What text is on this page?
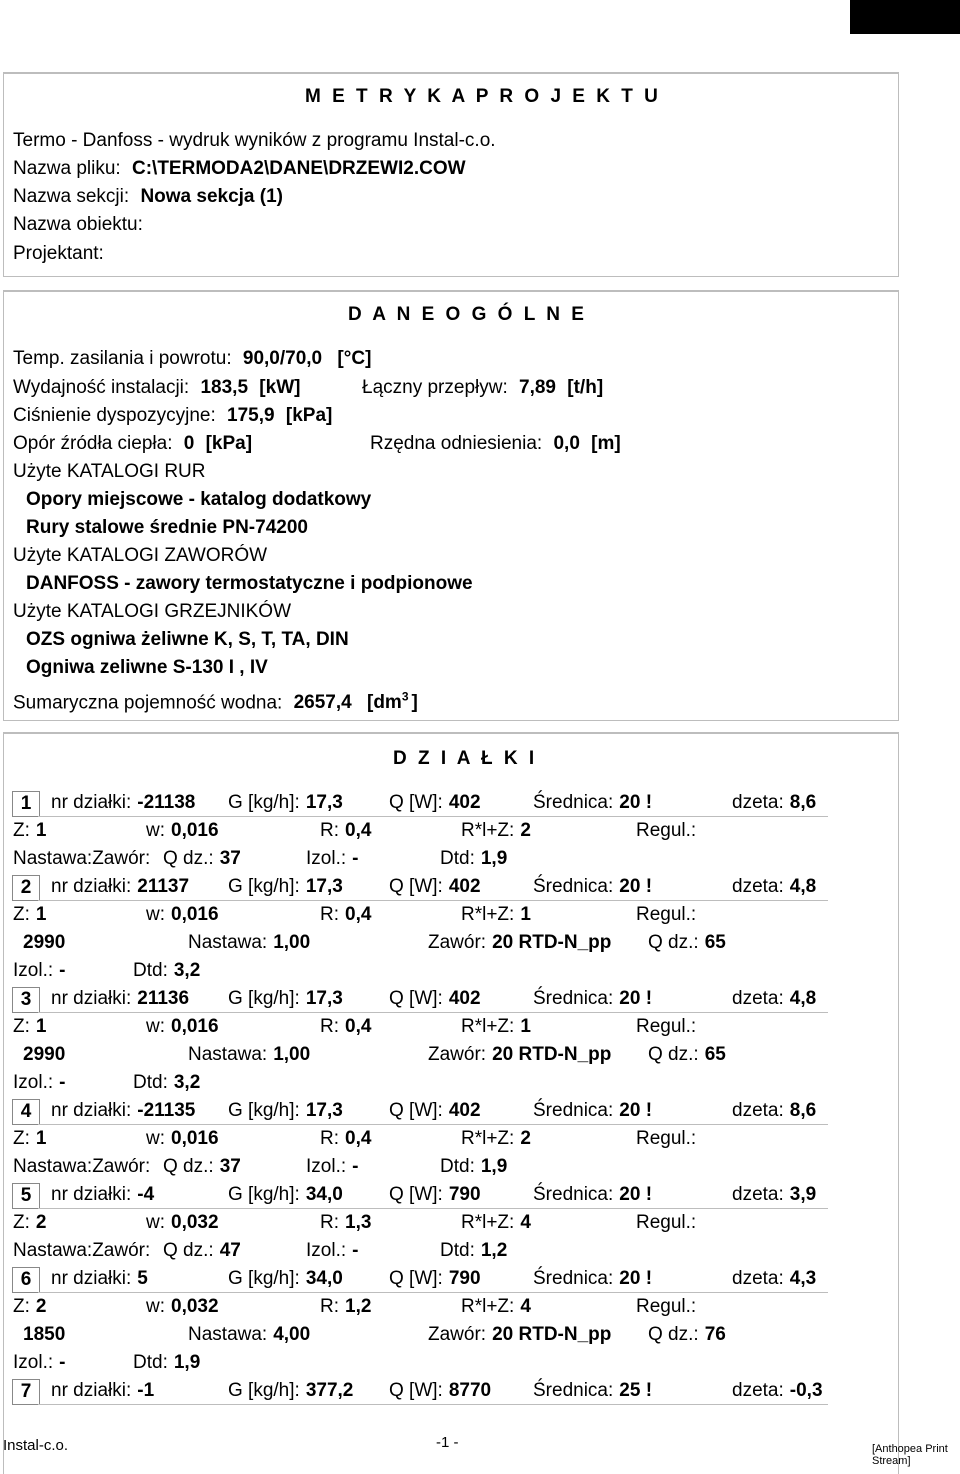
M E T R Y K A P R O J E K T U
Termo - Danfoss - wydruk wyników z programu Instal-c.o.
Nazwa pliku: C:\TERMODA2\DANE\DRZEWI2.COW
Nazwa sekcji: Nowa sekcja (1)
Nazwa obiektu:
Projektant:
D A N E O G Ó L N E
Temp. zasilania i powrotu: 90,0/70,0 [°C]
Wydajność instalacji: 183,5 [kW]	Łączny przepływ: 7,89 [t/h]
Ciśnienie dyspozycyjne: 175,9 [kPa]
Opór źródła ciepła: 0 [kPa]	Rzędna odniesienia: 0,0 [m]
Użyte KATALOGI RUR
Opory miejscowe - katalog dodatkowy
Rury stalowe średnie PN-74200
Użyte KATALOGI ZAWORÓW
DANFOSS - zawory termostatyczne i podpionowe
Użyte KATALOGI GRZEJNIKÓW
OZS ogniwa żeliwne K, S, T, TA, DIN
Ogniwa zeliwne S-130 I , IV
Sumaryczna pojemność wodna: 2657,4 [$dm^3$ ]
D Z I A Ł K I
1	nr działki: -21138 G [kg/h]: 17,3 Q [W]: 402	Średnica: 20 !	dzeta: 8,6
Z: 1	w: 0,016	R: 0,4	R*l+Z: 2	Regul.:
Nastawa:Zawór: Q dz.: 37	Izol.: -	Dtd: 1,9
2	nr działki: 21137 G [kg/h]: 17,3 Q [W]: 402	Średnica: 20 !	dzeta: 4,8
Z: 1	w: 0,016	R: 0,4	R*l+Z: 1	Regul.:
2990	Nastawa: 1,00	Zawór: 20 RTD-N_pp Q dz.: 65
Izol.: -	Dtd: 3,2
3	nr działki: 21136 G [kg/h]: 17,3 Q [W]: 402	Średnica: 20 !	dzeta: 4,8
Z: 1	w: 0,016	R: 0,4	R*l+Z: 1	Regul.:
2990	Nastawa: 1,00	Zawór: 20 RTD-N_pp Q dz.: 65
Izol.: -	Dtd: 3,2
4	nr działki: -21135 G [kg/h]: 17,3 Q [W]: 402	Średnica: 20 !	dzeta: 8,6
Z: 1	w: 0,016	R: 0,4	R*l+Z: 2	Regul.:
Nastawa:Zawór: Q dz.: 37	Izol.: -	Dtd: 1,9
5	nr działki: -4	G [kg/h]: 34,0 Q [W]: 790	Średnica: 20 !	dzeta: 3,9
Z: 2	w: 0,032	R: 1,3	R*l+Z: 4	Regul.:
Nastawa:Zawór: Q dz.: 47	Izol.: -	Dtd: 1,2
6	nr działki: 5	G [kg/h]: 34,0 Q [W]: 790	Średnica: 20 !	dzeta: 4,3
Z: 2	w: 0,032	R: 1,2	R*l+Z: 4	Regul.:
1850	Nastawa: 4,00	Zawór: 20 RTD-N_pp Q dz.: 76
Izol.: -	Dtd: 1,9
7	nr działki: -1	G [kg/h]: 377,2 Q [W]: 8770 Średnica: 25 !	dzeta: -0,3
Instal-c.o.	-1 -	[Anthopea Print Stream]
